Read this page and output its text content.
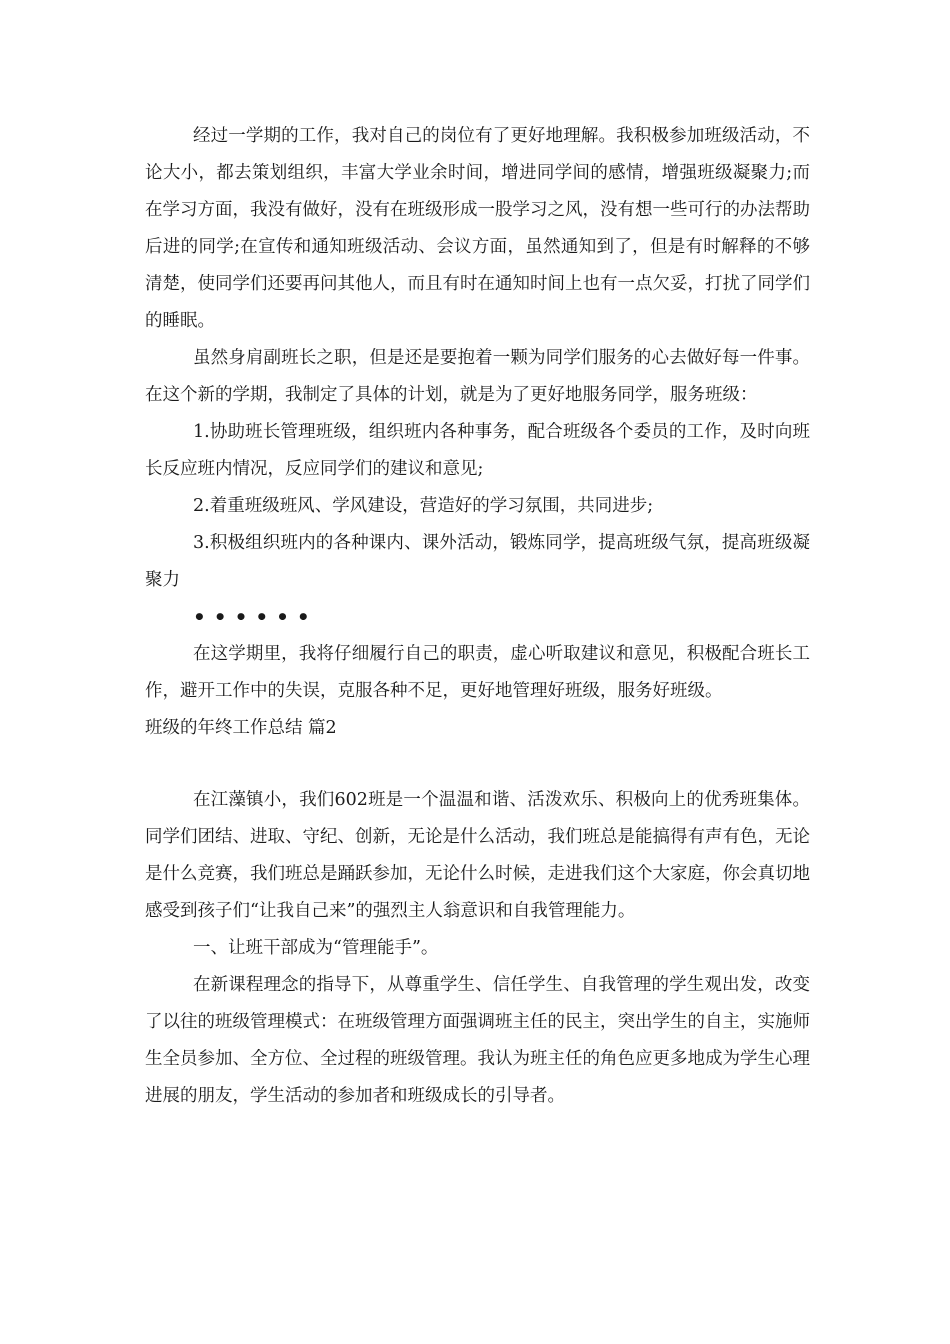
经过一学期的工作，我对自己的岗位有了更好地理解。我积极参加班级活动，不论大小，都去策划组织，丰富大学业余时间，增进同学间的感情，增强班级凝聚力;而在学习方面，我没有做好，没有在班级形成一股学习之风，没有想一些可行的办法帮助后进的同学;在宣传和通知班级活动、会议方面，虽然通知到了，但是有时解释的不够清楚，使同学们还要再问其他人，而且有时在通知时间上也有一点欠妥，打扰了同学们的睡眠。

虽然身肩副班长之职，但是还是要抱着一颗为同学们服务的心去做好每一件事。在这个新的学期，我制定了具体的计划，就是为了更好地服务同学，服务班级：

1.协助班长管理班级，组织班内各种事务，配合班级各个委员的工作，及时向班长反应班内情况，反应同学们的建议和意见;

2.着重班级班风、学风建设，营造好的学习氛围，共同进步;

3.积极组织班内的各种课内、课外活动，锻炼同学，提高班级气氛，提高班级凝聚力

••••••

在这学期里，我将仔细履行自己的职责，虚心听取建议和意见，积极配合班长工作，避开工作中的失误，克服各种不足，更好地管理好班级，服务好班级。

班级的年终工作总结 篇2

在江藻镇小，我们602班是一个温温和谐、活泼欢乐、积极向上的优秀班集体。同学们团结、进取、守纪、创新，无论是什么活动，我们班总是能搞得有声有色，无论是什么竞赛，我们班总是踊跃参加，无论什么时候，走进我们这个大家庭，你会真切地感受到孩子们“让我自己来”的强烈主人翁意识和自我管理能力。

一、让班干部成为“管理能手”。

在新课程理念的指导下，从尊重学生、信任学生、自我管理的学生观出发，改变了以往的班级管理模式：在班级管理方面强调班主任的民主，突出学生的自主，实施师生全员参加、全方位、全过程的班级管理。我认为班主任的角色应更多地成为学生心理进展的朋友，学生活动的参加者和班级成长的引导者。
